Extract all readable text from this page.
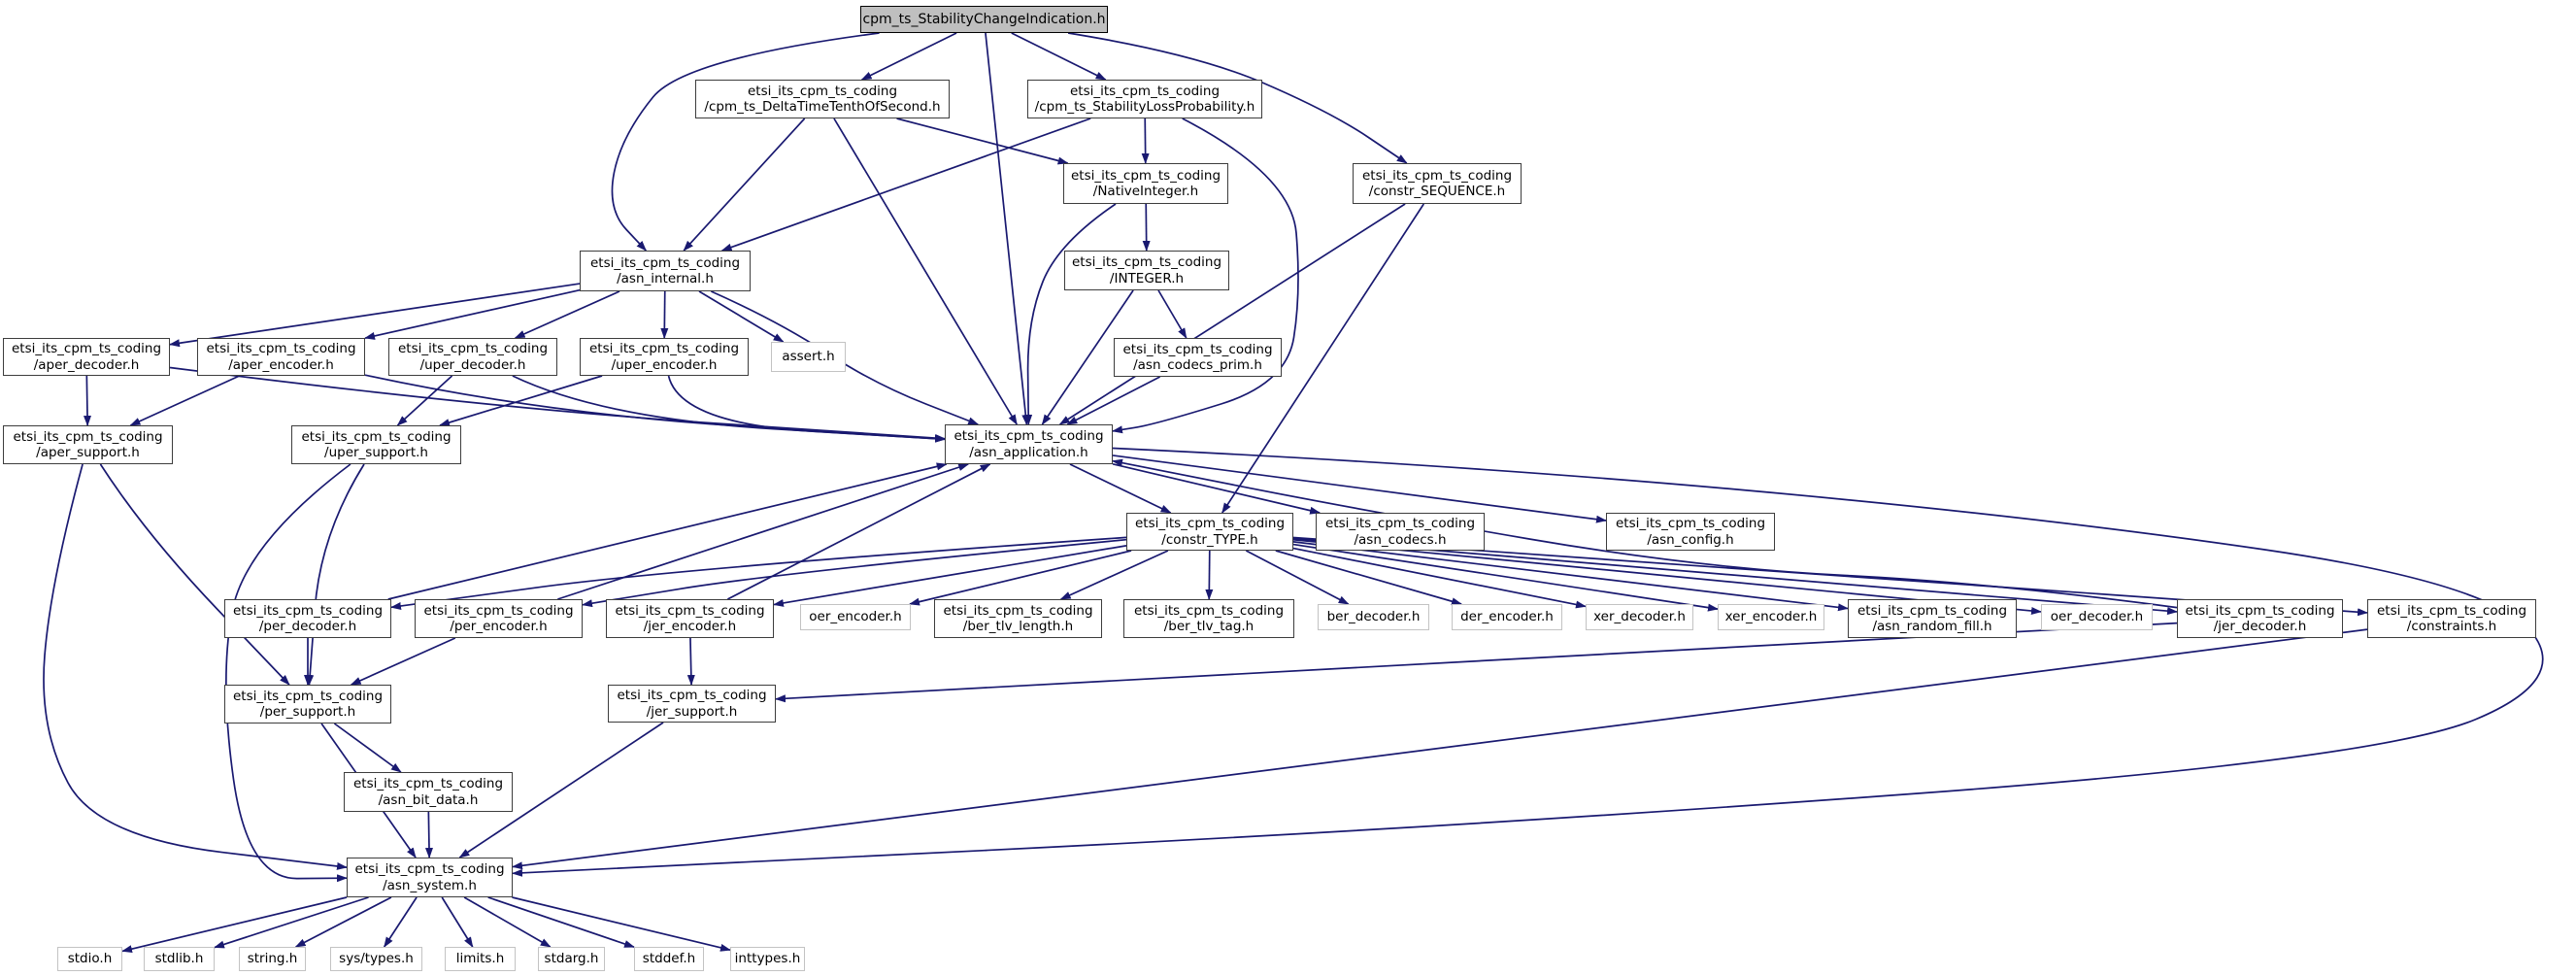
cpm_ts_StabilityChangeIndication.h
etsi_its_cpm_ts_coding
/cpm_ts_DeltaTimeTenthOfSecond.h
etsi_its_cpm_ts_coding
/cpm_ts_StabilityLossProbability.h
etsi_its_cpm_ts_coding
/NativeInteger.h
etsi_its_cpm_ts_coding
/constr_SEQUENCE.h
etsi_its_cpm_ts_coding
/asn_internal.h
etsi_its_cpm_ts_coding
/INTEGER.h
etsi_its_cpm_ts_coding
/aper_decoder.h
etsi_its_cpm_ts_coding
/aper_encoder.h
etsi_its_cpm_ts_coding
/uper_decoder.h
etsi_its_cpm_ts_coding
/uper_encoder.h
assert.h	etsi_its_cpm_ts_coding
/asn_codecs_prim.h
etsi_its_cpm_ts_coding
/aper_support.h
etsi_its_cpm_ts_coding
/uper_support.h
etsi_its_cpm_ts_coding
/asn_application.h
etsi_its_cpm_ts_coding
/constr_TYPE.h
etsi_its_cpm_ts_coding
/asn_codecs.h
etsi_its_cpm_ts_coding
/asn_config.h
etsi_its_cpm_ts_coding
/per_decoder.h
etsi_its_cpm_ts_coding
/per_encoder.h
etsi_its_cpm_ts_coding
/jer_encoder.h
oer_encoder.h	etsi_its_cpm_ts_coding
/ber_tlv_length.h
etsi_its_cpm_ts_coding
/ber_tlv_tag.h
ber_decoder.h	der_encoder.h	xer_decoder.h	xer_encoder.h	etsi_its_cpm_ts_coding
/asn_random_fill.h
oer_decoder.h	etsi_its_cpm_ts_coding
/jer_decoder.h
etsi_its_cpm_ts_coding
/constraints.h
etsi_its_cpm_ts_coding
/per_support.h
etsi_its_cpm_ts_coding
/jer_support.h
etsi_its_cpm_ts_coding
/asn_bit_data.h
etsi_its_cpm_ts_coding
/asn_system.h
stdio.h	stdlib.h	string.h	sys/types.h	limits.h	stdarg.h	stddef.h	inttypes.h
